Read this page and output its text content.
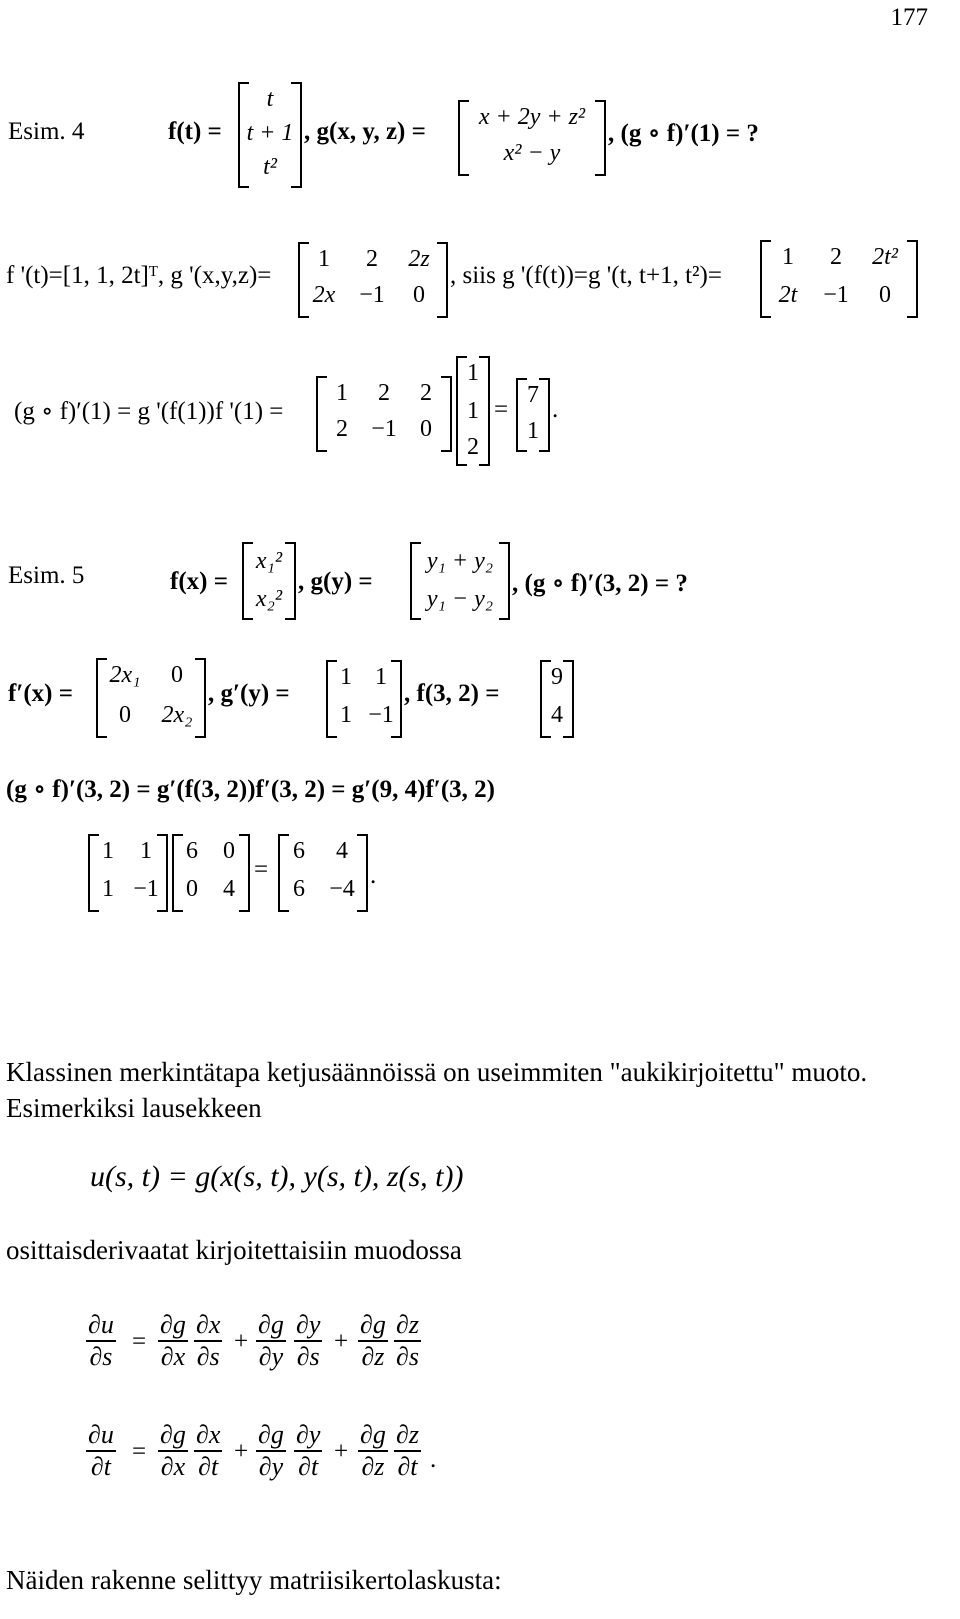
177
Esim. 4	f(t) =
t
t + 1
t²
, g(x, y, z) =
x + 2y + z²
x² − y
, (g ∘ f)′(1) = ?
f '(t)=[1, 1, 2t]ᵀ, g '(x,y,z)=
1	2	2z
2x −1	0
, siis g '(f(t))=g '(t, t+1, t²)=
1	2	2t²
2t	−1	0
(g ∘ f)′(1) = g '(f(1))f '(1) =
1	2	2
2 −1 0
1
1
2
=
7
1
.
Esim. 5	f(x) =
x₁²
x₂²
, g(y) =
y₁ + y₂
y₁ − y₂
, (g ∘ f)′(3, 2) = ?
f′(x) =
2x₁	0
0	2x₂
, g′(y) =
1 1
1 −1
, f(3, 2) =
9
4
(g ∘ f)′(3, 2) = g′(f(3, 2))f′(3, 2) = g′(9, 4)f′(3, 2)
1	1
1 −1
6	0
0	4
=
6	4
6	−4 .
Klassinen merkintätapa ketjusäännöissä on useimmiten "aukikirjoitettu" muoto. Esimerkiksi lausekkeen
u(s, t) = g(x(s, t), y(s, t), z(s, t))
osittaisderivaatat kirjoitettaisiin muodossa
$\frac{\partial u}{\partial s} = \frac{\partial g}{\partial x} \frac{\partial x}{\partial s} + \frac{\partial g}{\partial y} \frac{\partial y}{\partial s} + \frac{\partial g}{\partial z} \frac{\partial z}{\partial s}$
$\frac{\partial u}{\partial t} = \frac{\partial g}{\partial x} \frac{\partial x}{\partial t} + \frac{\partial g}{\partial y} \frac{\partial y}{\partial t} + \frac{\partial g}{\partial z} \frac{\partial z}{\partial t}$ .
Näiden rakenne selittyy matriisikertolaskusta:
